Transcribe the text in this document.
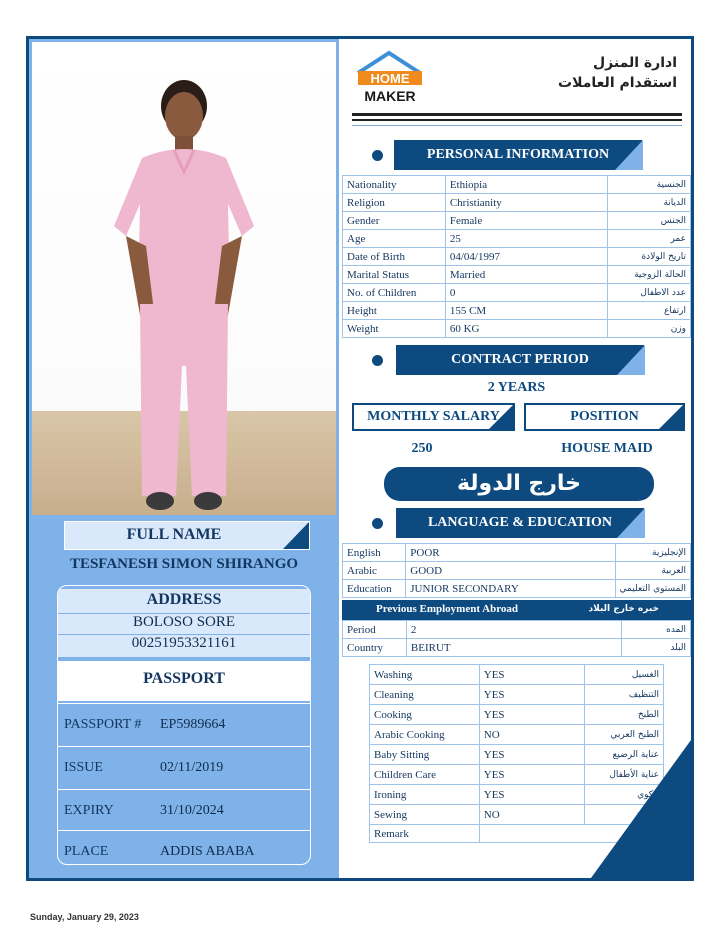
FULL NAME
TESFANESH SIMON SHIRANGO
ADDRESS
BOLOSO SORE
00251953321161
PASSPORT
PASSPORT # EP5989664
ISSUE	02/11/2019
EXPIRY	31/10/2024
PLACE	ADDIS ABABA
HOME
MAKER
ادارة المنزل
استقدام العاملات
PERSONAL INFORMATION
Nationality	Ethiopia	الجنسية
Religion	Christianity	الديانة
Gender	Female	الجنس
Age	25	عمر
Date of Birth	04/04/1997	تاريخ الولادة
Marital Status	Married	الحالة الزوجية
No. of Children	0	عدد الاطفال
Height	155 CM	ارتفاع
Weight	60 KG	وزن
CONTRACT PERIOD
2 YEARS
MONTHLY SALARY	POSITION
250	HOUSE MAID
خارج الدولة
LANGUAGE & EDUCATION
English	POOR	الإنجليزية
Arabic	GOOD	العربية
Education	JUNIOR SECONDARY	المستوي التعليمي
Previous Employment Abroad	خبره خارج البلاد
Period	2	المده
Country	BEIRUT	البلد
Washing	YES	الغسيل
Cleaning	YES	التنظيف
Cooking	YES	الطبخ
Arabic Cooking	NO	الطبخ العربي
Baby Sitting	YES	عناية الرضيع
Children Care	YES	عناية الأطفال
Ironing	YES	الكوي
Sewing	NO	خياطة
Remark		
Sunday, January 29, 2023
